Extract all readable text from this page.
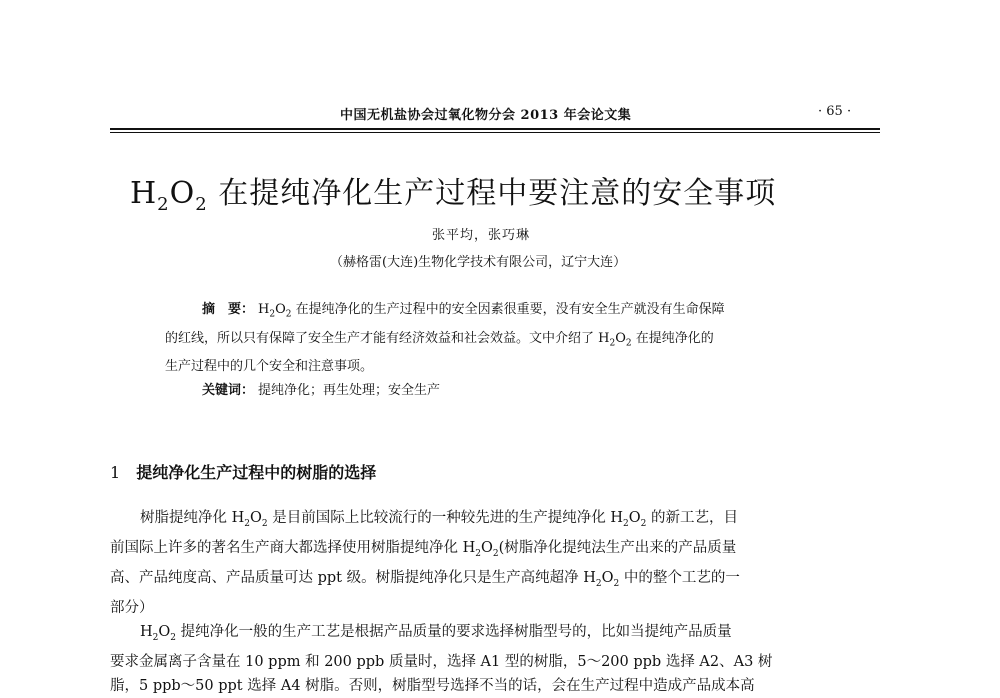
中国无机盐协会过氧化物分会 2013 年会论文集	· 65 ·
$H_2O_2$ 在提纯净化生产过程中要注意的安全事项
张平均，张巧琳
（赫格雷(大连)生物化学技术有限公司，辽宁大连）
摘　要： $H_2O_2$ 在提纯净化的生产过程中的安全因素很重要，没有安全生产就没有生命保障
的红线，所以只有保障了安全生产才能有经济效益和社会效益。文中介绍了 $H_2O_2$ 在提纯净化的
生产过程中的几个安全和注意事项。
关键词： 提纯净化；再生处理；安全生产
1 提纯净化生产过程中的树脂的选择
树脂提纯净化 $H_2O_2$ 是目前国际上比较流行的一种较先进的生产提纯净化 $H_2O_2$ 的新工艺，目
前国际上许多的著名生产商大都选择使用树脂提纯净化 $H_2O_2$(树脂净化提纯法生产出来的产品质量
高、产品纯度高、产品质量可达 ppt 级。树脂提纯净化只是生产高纯超净 $H_2O_2$ 中的整个工艺的一
部分）
$H_2O_2$ 提纯净化一般的生产工艺是根据产品质量的要求选择树脂型号的，比如当提纯产品质量
要求金属离子含量在 10 ppm 和 200 ppb 质量时，选择 A1 型的树脂，5～200 ppb 选择 A2、A3 树
脂，5 ppb～50 ppt 选择 A4 树脂。否则，树脂型号选择不当的话，会在生产过程中造成产品成本高
